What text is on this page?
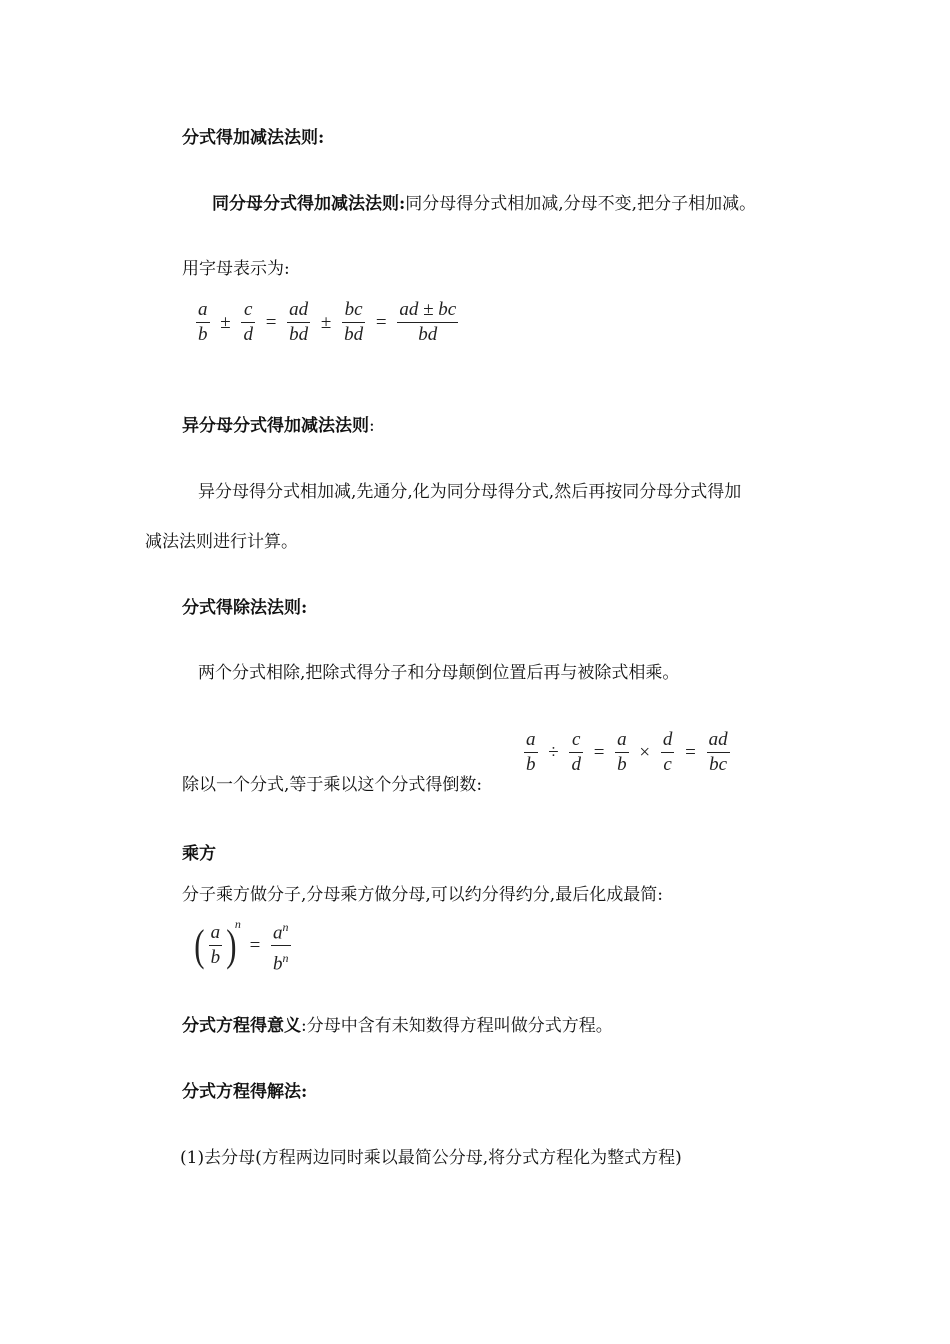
分式得加减法法则:
同分母分式得加减法法则:同分母得分式相加减,分母不变,把分子相加减。
用字母表示为:
$\frac{a}{b} \pm \frac{c}{d} = \frac{ad}{bd} \pm \frac{bc}{bd} = \frac{ad \pm bc}{bd}$
异分母分式得加减法法则:
异分母得分式相加减,先通分,化为同分母得分式,然后再按同分母分式得加
减法法则进行计算。
分式得除法法则:
两个分式相除,把除式得分子和分母颠倒位置后再与被除式相乘。
除以一个分式,等于乘以这个分式得倒数:
$\frac{a}{b} \div \frac{c}{d} = \frac{a}{b} \times \frac{d}{c} = \frac{ad}{bc}$
乘方
分子乘方做分子,分母乘方做分母,可以约分得约分,最后化成最简:
( $\frac{a}{b} )^n = \frac{a^n}{b^n}$
分式方程得意义:分母中含有未知数得方程叫做分式方程。
分式方程得解法:
(1)去分母(方程两边同时乘以最简公分母,将分式方程化为整式方程)
